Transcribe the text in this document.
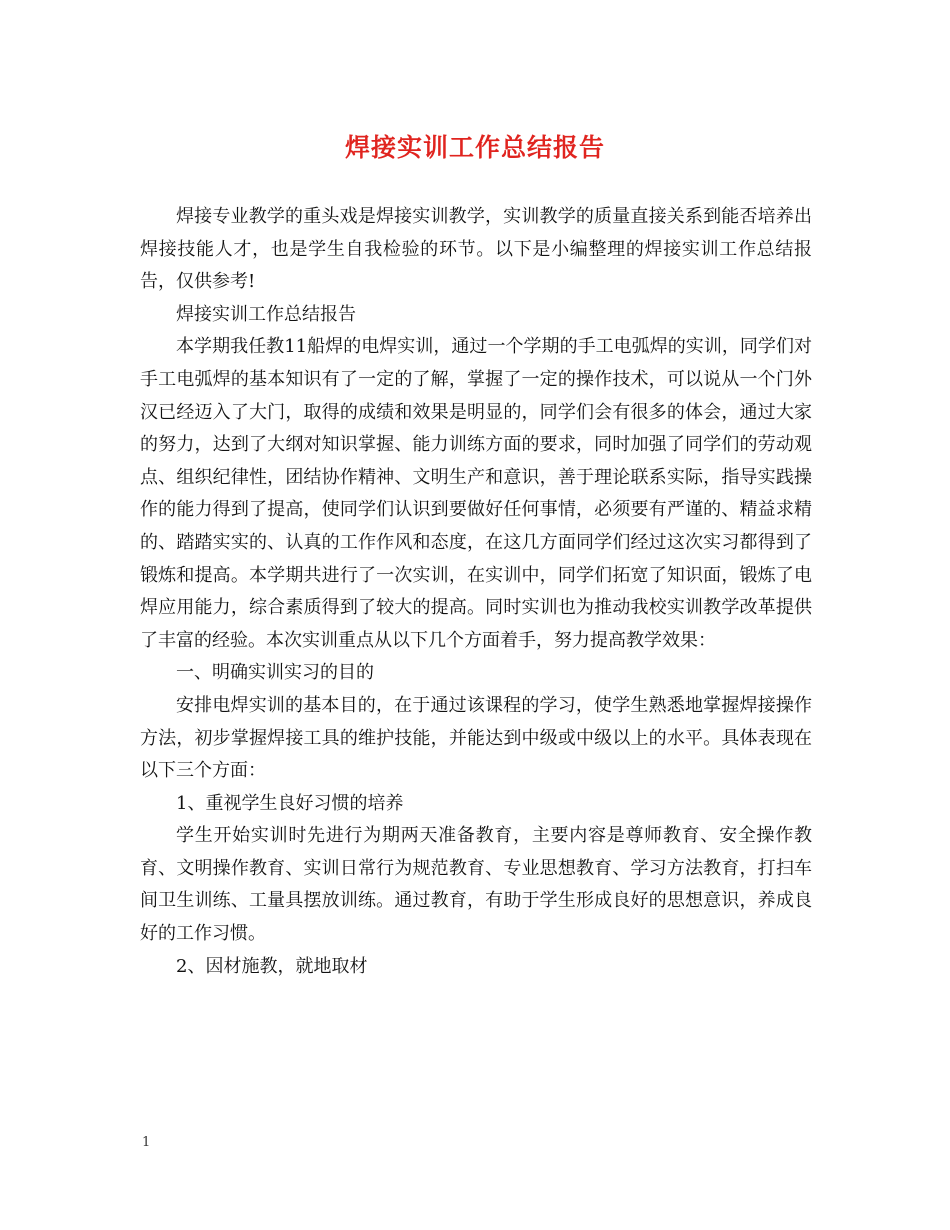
焊接实训工作总结报告

焊接专业教学的重头戏是焊接实训教学，实训教学的质量直接关系到能否培养出焊接技能人才，也是学生自我检验的环节。以下是小编整理的焊接实训工作总结报告，仅供参考!

焊接实训工作总结报告

本学期我任教11船焊的电焊实训，通过一个学期的手工电弧焊的实训，同学们对手工电弧焊的基本知识有了一定的了解，掌握了一定的操作技术，可以说从一个门外汉已经迈入了大门，取得的成绩和效果是明显的，同学们会有很多的体会，通过大家的努力，达到了大纲对知识掌握、能力训练方面的要求，同时加强了同学们的劳动观点、组织纪律性，团结协作精神、文明生产和意识，善于理论联系实际，指导实践操作的能力得到了提高，使同学们认识到要做好任何事情，必须要有严谨的、精益求精的、踏踏实实的、认真的工作作风和态度，在这几方面同学们经过这次实习都得到了锻炼和提高。本学期共进行了一次实训，在实训中，同学们拓宽了知识面，锻炼了电焊应用能力，综合素质得到了较大的提高。同时实训也为推动我校实训教学改革提供了丰富的经验。本次实训重点从以下几个方面着手，努力提高教学效果：

一、明确实训实习的目的

安排电焊实训的基本目的，在于通过该课程的学习，使学生熟悉地掌握焊接操作方法，初步掌握焊接工具的维护技能，并能达到中级或中级以上的水平。具体表现在以下三个方面：

1、重视学生良好习惯的培养

学生开始实训时先进行为期两天准备教育，主要内容是尊师教育、安全操作教育、文明操作教育、实训日常行为规范教育、专业思想教育、学习方法教育，打扫车间卫生训练、工量具摆放训练。通过教育，有助于学生形成良好的思想意识，养成良好的工作习惯。

2、因材施教，就地取材

1
